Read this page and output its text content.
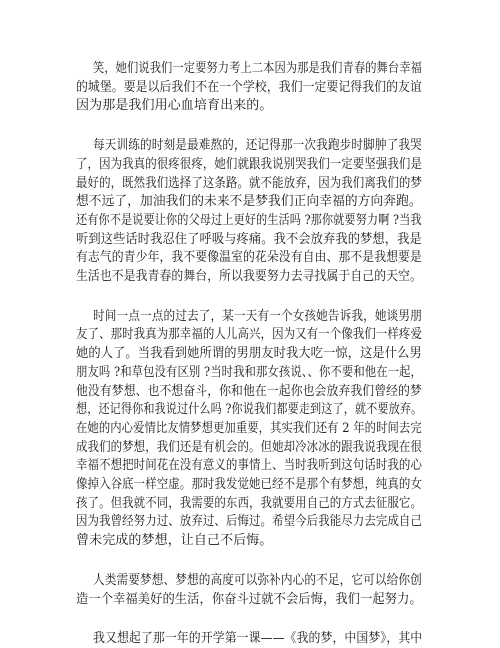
笑，她们说我们一定要努力考上二本因为那是我们青春的舞台幸福
的城堡。要是以后我们不在一个学校，我们一定要记得我们的友谊
因为那是我们用心血培育出来的。
每天训练的时刻是最难熬的，还记得那一次我跑步时脚肿了我哭
了，因为我真的很疼很疼，她们就跟我说别哭我们一定要坚强我们是
最好的，既然我们选择了这条路。就不能放弃，因为我们离我们的梦
想不远了，加油我们的未来不是梦我们正向幸福的方向奔跑。
还有你不是说要让你的父母过上更好的生活吗 ?那你就要努力啊 ?当我
听到这些话时我忍住了呼吸与疼痛。我不会放弃我的梦想，我是
有志气的青少年，我不要像温室的花朵没有自由、那不是我想要是
生活也不是我青春的舞台，所以我要努力去寻找属于自己的天空。
时间一点一点的过去了，某一天有一个女孩她告诉我，她谈男朋
友了、那时我真为那幸福的人儿高兴，因为又有一个像我们一样疼爱
她的人了。当我看到她所谓的男朋友时我大吃一惊，这是什么男
朋友吗 ?和草包没有区别 ?当时我和那女孩说、、你不要和他在一起，
他没有梦想、也不想奋斗，你和他在一起你也会放弃我们曾经的梦
想，还记得你和我说过什么吗 ?你说我们都要走到这了，就不要放弃。
在她的内心爱情比友情梦想更加重要，其实我们还有 2 年的时间去完
成我们的梦想，我们还是有机会的。但她却冷冰冰的跟我说我现在很
幸福不想把时间花在没有意义的事情上、当时我听到这句话时我的心
像掉入谷底一样空虚。那时我发觉她已经不是那个有梦想，纯真的女
孩了。但我就不同，我需要的东西，我就要用自己的方式去征服它。
因为我曾经努力过、放弃过、后悔过。希望今后我能尽力去完成自己
曾未完成的梦想，让自己不后悔。
人类需要梦想、梦想的高度可以弥补内心的不足，它可以给你创
造一个幸福美好的生活，你奋斗过就不会后悔，我们一起努力。
我又想起了那一年的开学第一课——《我的梦，中国梦》，其中
